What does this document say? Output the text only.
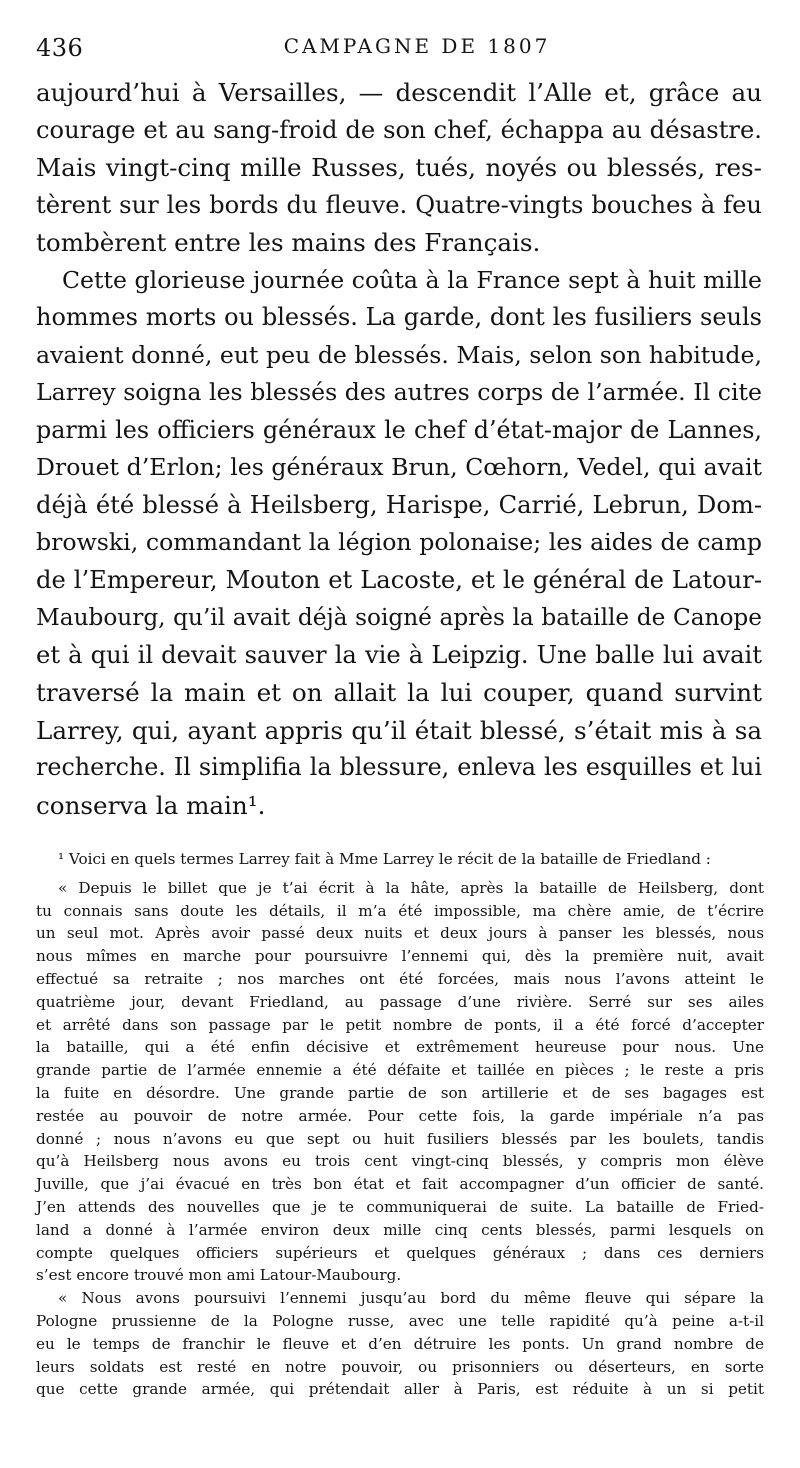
436	CAMPAGNE DE 1807
aujourd’hui à Versailles, — descendit l’Alle et, grâce au
courage et au sang-froid de son chef, échappa au désastre.
Mais vingt-cinq mille Russes, tués, noyés ou blessés, res-
tèrent sur les bords du fleuve. Quatre-vingts bouches à feu
tombèrent entre les mains des Français.
Cette glorieuse journée coûta à la France sept à huit mille
hommes morts ou blessés. La garde, dont les fusiliers seuls
avaient donné, eut peu de blessés. Mais, selon son habitude,
Larrey soigna les blessés des autres corps de l’armée. Il cite
parmi les officiers généraux le chef d’état-major de Lannes,
Drouet d’Erlon; les généraux Brun, Cœhorn, Vedel, qui avait
déjà été blessé à Heilsberg, Harispe, Carrié, Lebrun, Dom-
browski, commandant la légion polonaise; les aides de camp
de l’Empereur, Mouton et Lacoste, et le général de Latour-
Maubourg, qu’il avait déjà soigné après la bataille de Canope
et à qui il devait sauver la vie à Leipzig. Une balle lui avait
traversé la main et on allait la lui couper, quand survint
Larrey, qui, ayant appris qu’il était blessé, s’était mis à sa
recherche. Il simplifia la blessure, enleva les esquilles et lui
conserva la main¹.
¹ Voici en quels termes Larrey fait à Mme Larrey le récit de la bataille de Friedland :
« Depuis le billet que je t’ai écrit à la hâte, après la bataille de Heilsberg, dont
tu connais sans doute les détails, il m’a été impossible, ma chère amie, de t’écrire
un seul mot. Après avoir passé deux nuits et deux jours à panser les blessés, nous
nous mîmes en marche pour poursuivre l’ennemi qui, dès la première nuit, avait
effectué sa retraite ; nos marches ont été forcées, mais nous l’avons atteint le
quatrième jour, devant Friedland, au passage d’une rivière. Serré sur ses ailes
et arrêté dans son passage par le petit nombre de ponts, il a été forcé d’accepter
la bataille, qui a été enfin décisive et extrêmement heureuse pour nous. Une
grande partie de l’armée ennemie a été défaite et taillée en pièces ; le reste a pris
la fuite en désordre. Une grande partie de son artillerie et de ses bagages est
restée au pouvoir de notre armée. Pour cette fois, la garde impériale n’a pas
donné ; nous n’avons eu que sept ou huit fusiliers blessés par les boulets, tandis
qu’à Heilsberg nous avons eu trois cent vingt-cinq blessés, y compris mon élève
Juville, que j’ai évacué en très bon état et fait accompagner d’un officier de santé.
J’en attends des nouvelles que je te communiquerai de suite. La bataille de Fried-
land a donné à l’armée environ deux mille cinq cents blessés, parmi lesquels on
compte quelques officiers supérieurs et quelques généraux ; dans ces derniers
s’est encore trouvé mon ami Latour-Maubourg.
« Nous avons poursuivi l’ennemi jusqu’au bord du même fleuve qui sépare la
Pologne prussienne de la Pologne russe, avec une telle rapidité qu’à peine a-t-il
eu le temps de franchir le fleuve et d’en détruire les ponts. Un grand nombre de
leurs soldats est resté en notre pouvoir, ou prisonniers ou déserteurs, en sorte
que cette grande armée, qui prétendait aller à Paris, est réduite à un si petit
